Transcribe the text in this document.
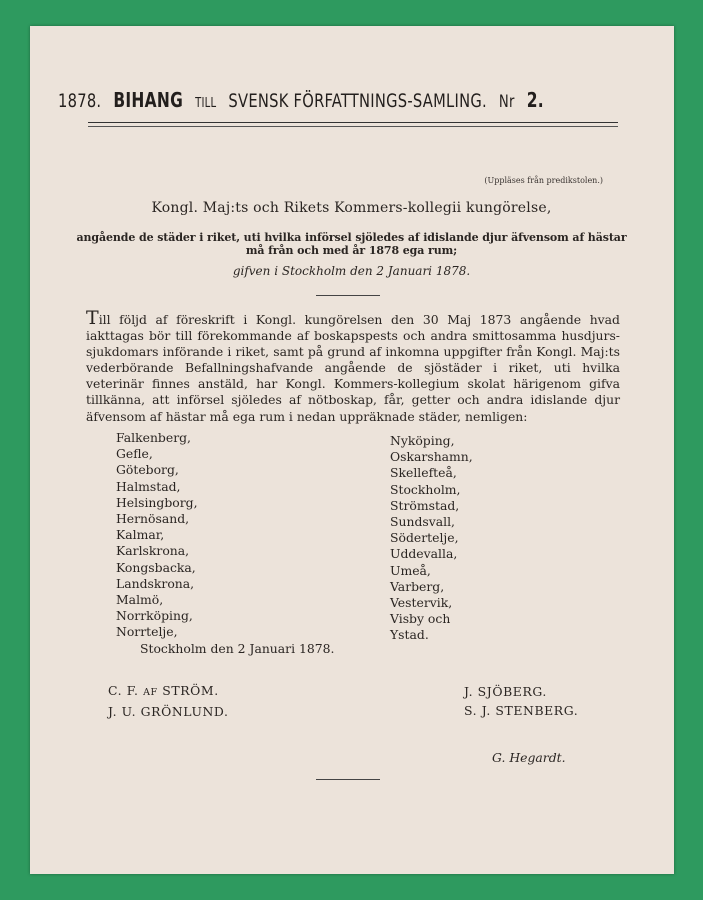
1878. BIHANG TILL SVENSK FÖRFATTNINGS-SAMLING. Nr 2.
(Uppläses från predikstolen.)
Kongl. Maj:ts och Rikets Kommers-kollegii kungörelse,
angående de städer i riket, uti hvilka införsel sjöledes af idislande djur äfvensom af hästar
må från och med år 1878 ega rum;
gifven i Stockholm den 2 Januari 1878.
Till följd af föreskrift i Kongl. kungörelsen den 30 Maj 1873 angående hvad iakttagas bör till förekommande af boskapspests och andra smittosamma husdjurs-sjukdomars införande i riket, samt på grund af inkomna uppgifter från Kongl. Maj:ts vederbörande Befallningshafvande angående de sjöstäder i riket, uti hvilka veterinär finnes anstäld, har Kongl. Kommers-kollegium skolat härigenom gifva tillkänna, att införsel sjöledes af nötboskap, får, getter och andra idislande djur äfvensom af hästar må ega rum i nedan uppräknade städer, nemligen:
Falkenberg,
Gefle,
Göteborg,
Halmstad,
Helsingborg,
Hernösand,
Kalmar,
Karlskrona,
Kongsbacka,
Landskrona,
Malmö,
Norrköping,
Norrtelje,
Nyköping,
Oskarshamn,
Skellefteå,
Stockholm,
Strömstad,
Sundsvall,
Södertelje,
Uddevalla,
Umeå,
Varberg,
Vestervik,
Visby och
Ystad.
Stockholm den 2 Januari 1878.
C. F. AF STRÖM.
J. U. GRÖNLUND.
J. SJÖBERG.
S. J. STENBERG.
G. Hegardt.
